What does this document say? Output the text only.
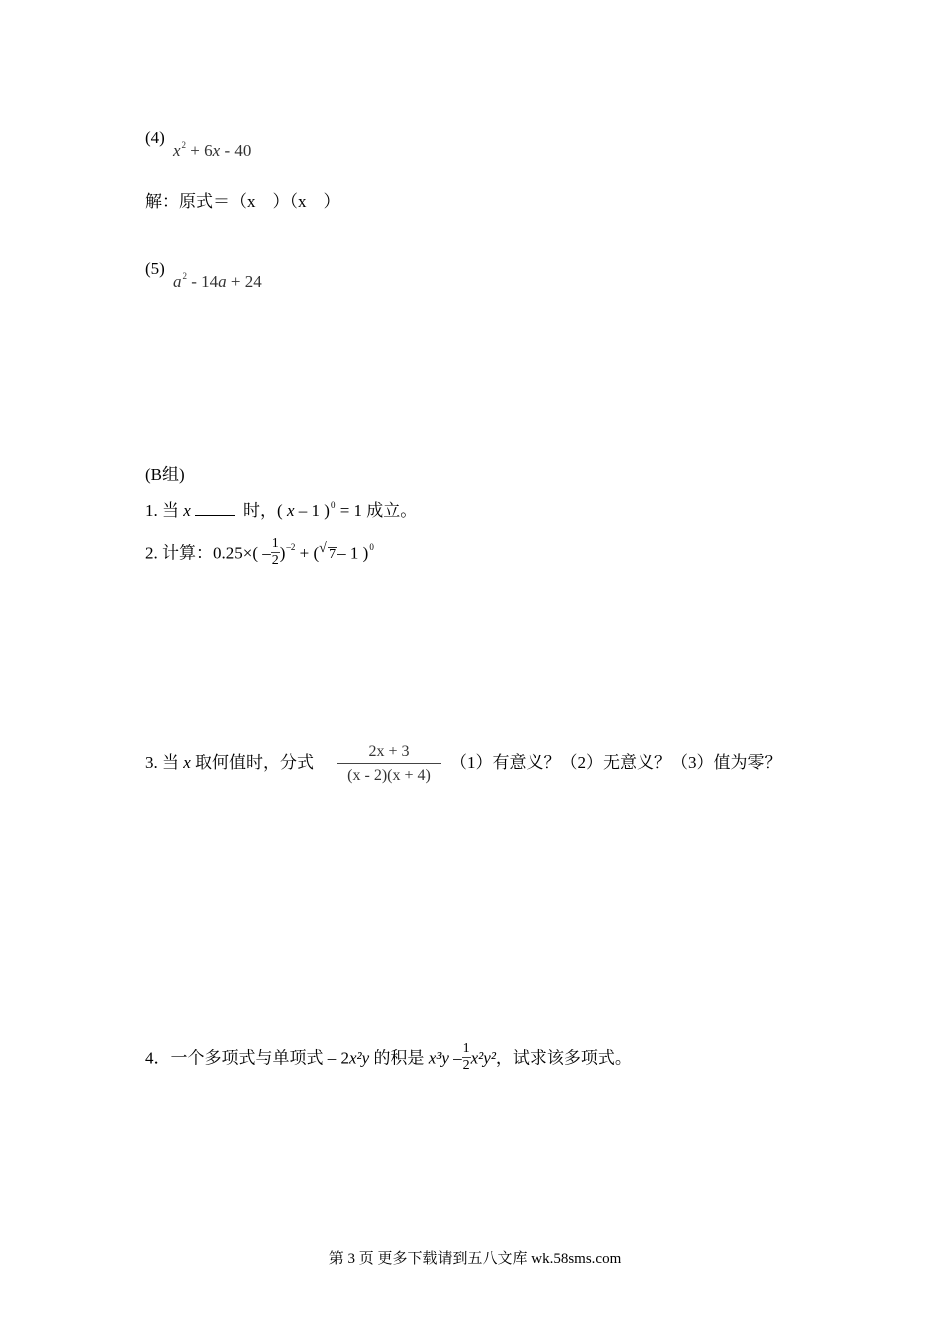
(4)
$x^2 + 6x - 40$
解：原式＝（x　）（x　）
(5)
$a^2 - 14a + 24$
(B组)
1. 当 x	时，( x – 1 )$^0$ = 1 成立。
2. 计算：$0.25\times( - \frac{1}{2} )^{-2}$ + ( √ 7– 1 )$^0$
3. 当 x 取何值时，分式 $\frac{2x + 3}{(x - 2)(x + 4)} (1)$有意义？（2）无意义？（3）值为零？
4．一个多项式与单项式 – 2x²y 的积是 $x^3y - \frac{1}{2} x^2y^2$，试求该多项式。
第 3 页 更多下载请到五八文库 wk.58sms.com
